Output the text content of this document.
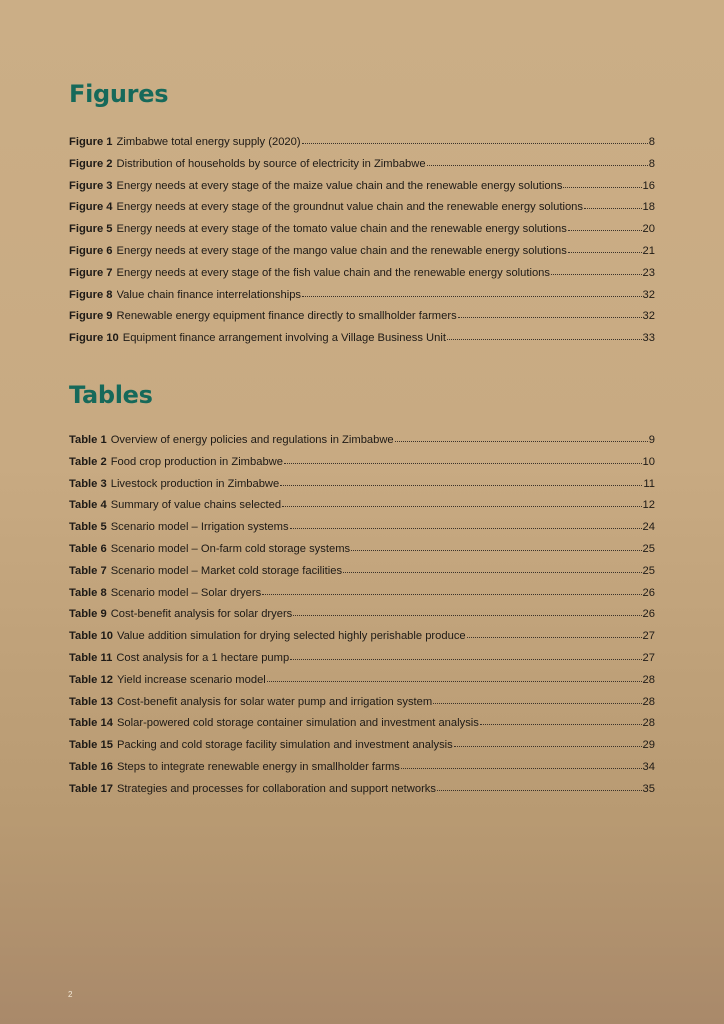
Figures
Figure 1 Zimbabwe total energy supply (2020)	8
Figure 2 Distribution of households by source of electricity in Zimbabwe	8
Figure 3 Energy needs at every stage of the maize value chain and the renewable energy solutions	16
Figure 4 Energy needs at every stage of the groundnut value chain and the renewable energy solutions	18
Figure 5 Energy needs at every stage of the tomato value chain and the renewable energy solutions	20
Figure 6 Energy needs at every stage of the mango value chain and the renewable energy solutions	21
Figure 7 Energy needs at every stage of the fish value chain and the renewable energy solutions	23
Figure 8 Value chain finance interrelationships	32
Figure 9 Renewable energy equipment finance directly to smallholder farmers	32
Figure 10 Equipment finance arrangement involving a Village Business Unit	33
Tables
Table 1 Overview of energy policies and regulations in Zimbabwe	9
Table 2 Food crop production in Zimbabwe	10
Table 3 Livestock production in Zimbabwe	11
Table 4 Summary of value chains selected	12
Table 5 Scenario model – Irrigation systems	24
Table 6 Scenario model – On-farm cold storage systems	25
Table 7 Scenario model – Market cold storage facilities	25
Table 8 Scenario model – Solar dryers	26
Table 9 Cost-benefit analysis for solar dryers	26
Table 10 Value addition simulation for drying selected highly perishable produce	27
Table 11 Cost analysis for a 1 hectare pump	27
Table 12 Yield increase scenario model	28
Table 13 Cost-benefit analysis for solar water pump and irrigation system	28
Table 14 Solar-powered cold storage container simulation and investment analysis	28
Table 15 Packing and cold storage facility simulation and investment analysis	29
Table 16 Steps to integrate renewable energy in smallholder farms	34
Table 17 Strategies and processes for collaboration and support networks	35
2
